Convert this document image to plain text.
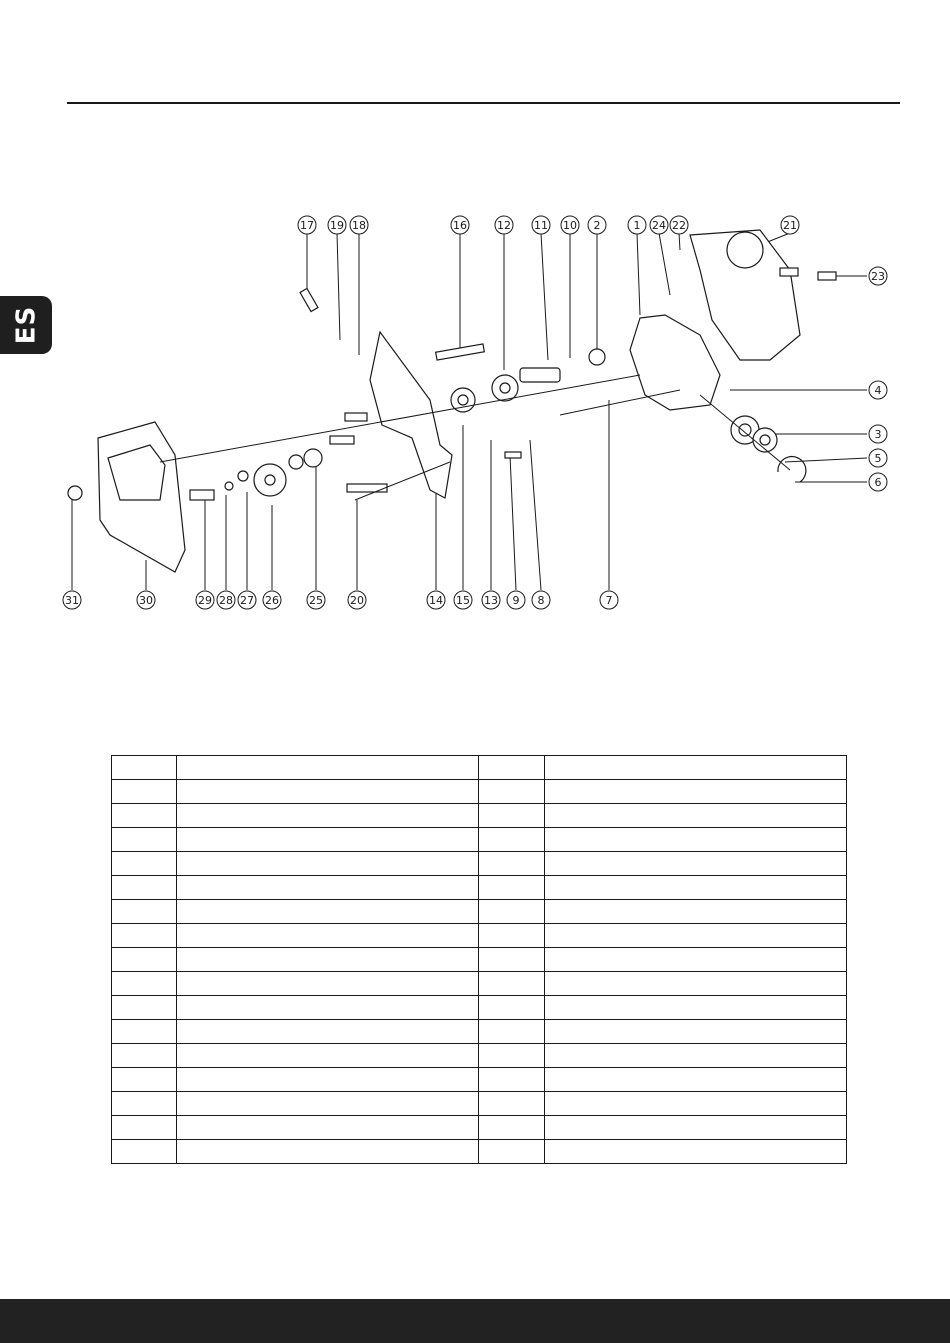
ES
17 19 18	16	12 11 10 2	1 24 22	21
23
4
3
5
6
31	30	29 28 27 26	25 20	14 15 13 9 8	7
